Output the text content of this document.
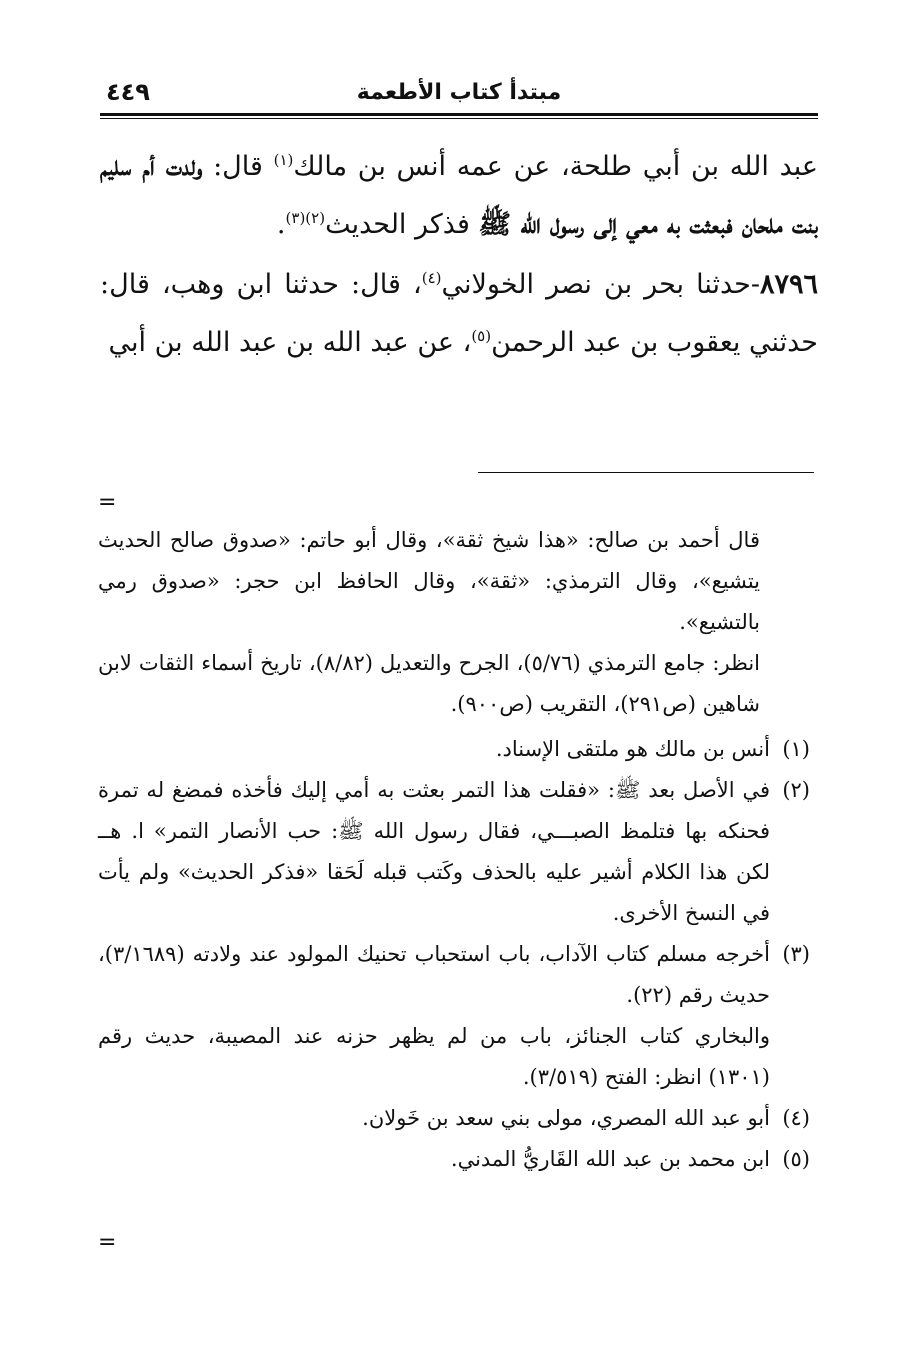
مبتدأ كتاب الأطعمة
٤٤٩

عبد الله بن أبي طلحة، عن عمه أنس بن مالك$^{(١)}$ قال: ولدت أم سليم بنت ملحان فبعثت به معي إلى رسول الله ﷺ فذكر الحديث$^{(٢)(٣)}$.

٨٧٩٦-حدثنا بحر بن نصر الخولاني$^{(٤)}$، قال: حدثنا ابن وهب، قال: حدثني يعقوب بن عبد الرحمن$^{(٥)}$، عن عبد الله بن عبد الله بن أبي

=
قال أحمد بن صالح: «هذا شيخ ثقة»، وقال أبو حاتم: «صدوق صالح الحديث يتشيع»، وقال الترمذي: «ثقة»، وقال الحافظ ابن حجر: «صدوق رمي بالتشيع».
انظر: جامع الترمذي (٥/٧٦)، الجرح والتعديل (٨/٨٢)، تاريخ أسماء الثقات لابن شاهين (ص٢٩١)، التقريب (ص٩٠٠).
(١)
أنس بن مالك هو ملتقى الإسناد.
(٢)
في الأصل بعد ﷺ: «فقلت هذا التمر بعثت به أمي إليك فأخذه فمضغ له تمرة فحنكه بها فتلمظ الصبـــي، فقال رسول الله ﷺ: حب الأنصار التمر» ا. هــ لكن هذا الكلام أشير عليه بالحذف وكَتب قبله لَحَقا «فذكر الحديث» ولم يأت في النسخ الأخرى.
(٣)
أخرجه مسلم كتاب الآداب، باب استحباب تحنيك المولود عند ولادته (٣/١٦٨٩)، حديث رقم (٢٢).
والبخاري كتاب الجنائز، باب من لم يظهر حزنه عند المصيبة، حديث رقم (١٣٠١) انظر: الفتح (٣/٥١٩).
(٤)
أبو عبد الله المصري، مولى بني سعد بن خَولان.
(٥)
ابن محمد بن عبد الله القَاريُّ المدني.
=
